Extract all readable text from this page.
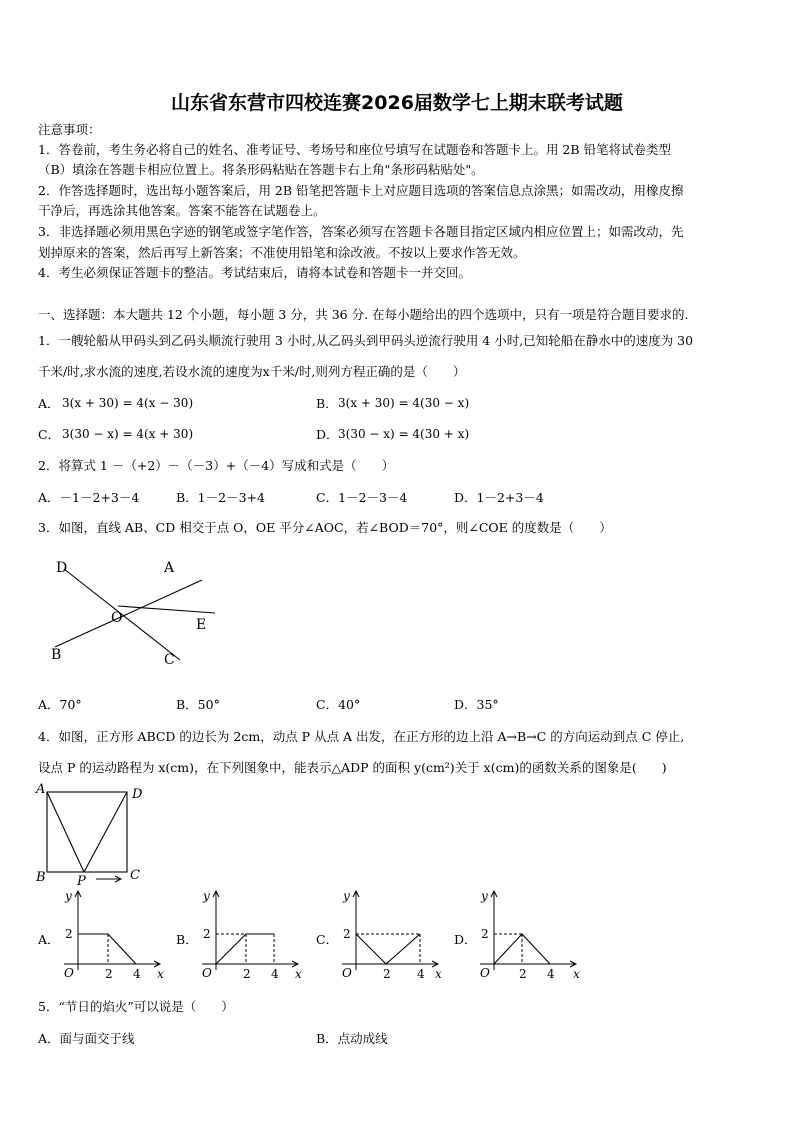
山东省东营市四校连赛2026届数学七上期末联考试题
注意事项：
1．答卷前，考生务必将自己的姓名、准考证号、考场号和座位号填写在试题卷和答题卡上。用 2B 铅笔将试卷类型
（B）填涂在答题卡相应位置上。将条形码粘贴在答题卡右上角"条形码粘贴处"。
2．作答选择题时，选出每小题答案后，用 2B 铅笔把答题卡上对应题目选项的答案信息点涂黑；如需改动，用橡皮擦
干净后，再选涂其他答案。答案不能答在试题卷上。
3．非选择题必须用黑色字迹的钢笔或签字笔作答，答案必须写在答题卡各题目指定区域内相应位置上；如需改动，先
划掉原来的答案，然后再写上新答案；不准使用铅笔和涂改液。不按以上要求作答无效。
4．考生必须保证答题卡的整洁。考试结束后，请将本试卷和答题卡一并交回。
一、选择题：本大题共 12 个小题，每小题 3 分，共 36 分. 在每小题给出的四个选项中，只有一项是符合题目要求的.
1．一艘轮船从甲码头到乙码头顺流行驶用 3 小时,从乙码头到甲码头逆流行驶用 4 小时,已知轮船在静水中的速度为 30
千米/时,求水流的速度,若设水流的速度为x千米/时,则列方程正确的是（　　）
A． 3(x + 30) = 4(x − 30)	B． 3(x + 30) = 4(30 − x)
C． 3(30 − x) = 4(x + 30)	D． 3(30 − x) = 4(30 + x)
2．将算式 1 －（+2）－（－3）+（－4）写成和式是（　　）
A．－1－2+3－4	B．1－2－3+4	C．1－2－3－4	D．1－2+3－4
3．如图，直线 AB、CD 相交于点 O，OE 平分∠AOC，若∠BOD＝70°，则∠COE 的度数是（　　）
D	A
O	E
B	C
A．70°	B．50°	C．40°	D．35°
4．如图，正方形 ABCD 的边长为 2cm，动点 P 从点 A 出发，在正方形的边上沿 A→B→C 的方向运动到点 C 停止,
设点 P 的运动路程为 x(cm)，在下列图象中，能表示△ADP 的面积 y(cm²)关于 x(cm)的函数关系的图象是(　　)
A	D
B	C
P
A．
y
2
O	2 4 x
B．
y
2
O	2 4 x
C．
y
2
O	2 4 x
D．
y
2
O 2 4 x
5．“节日的焰火”可以说是（　　）
A．面与面交于线	B．点动成线
